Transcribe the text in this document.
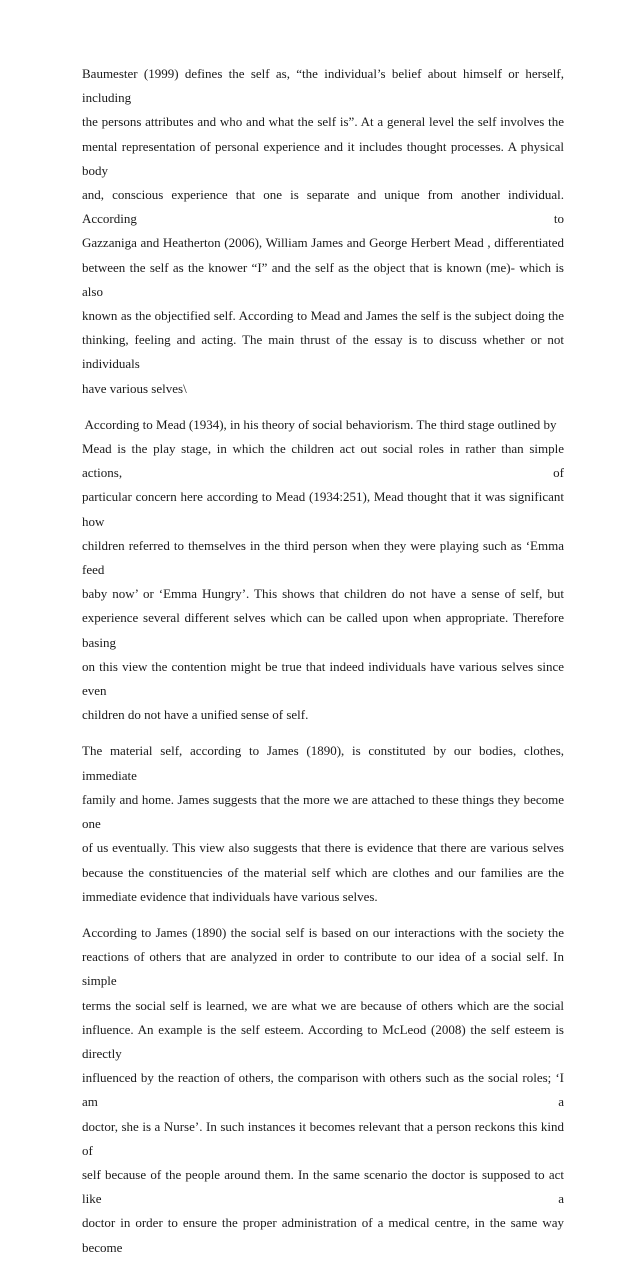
Baumester (1999) defines the self as, “the individual’s belief about himself or herself, including
the persons attributes and who and what the self is”. At a general level the self involves the
mental representation of personal experience and it includes thought processes. A physical body
and, conscious experience that one is separate and unique from another individual. According to
Gazzaniga and Heatherton (2006), William James and George Herbert Mead , differentiated
between the self as the knower “I” and the self as the object that is known (me)- which is also
known as the objectified self. According to Mead and James the self is the subject doing the
thinking, feeling and acting. The main thrust of the essay is to discuss whether or not individuals
have various selves\

According to Mead (1934), in his theory of social behaviorism. The third stage outlined by
Mead is the play stage, in which the children act out social roles in rather than simple actions, of
particular concern here according to Mead (1934:251), Mead thought that it was significant how
children referred to themselves in the third person when they were playing such as ‘Emma feed
baby now’ or ‘Emma Hungry’. This shows that children do not have a sense of self, but
experience several different selves which can be called upon when appropriate. Therefore basing
on this view the contention might be true that indeed individuals have various selves since even
children do not have a unified sense of self.

The material self, according to James (1890), is constituted by our bodies, clothes, immediate
family and home. James suggests that the more we are attached to these things they become one
of us eventually. This view also suggests that there is evidence that there are various selves
because the constituencies of the material self which are clothes and our families are the
immediate evidence that individuals have various selves.

According to James (1890) the social self is based on our interactions with the society the
reactions of others that are analyzed in order to contribute to our idea of a social self. In simple
terms the social self is learned, we are what we are because of others which are the social
influence. An example is the self esteem. According to McLeod (2008) the self esteem is directly
influenced by the reaction of others, the comparison with others such as the social roles; ‘I am a
doctor, she is a Nurse’. In such instances it becomes relevant that a person reckons this kind of
self because of the people around them. In the same scenario the doctor is supposed to act like a
doctor in order to ensure the proper administration of a medical centre, in the same way become
